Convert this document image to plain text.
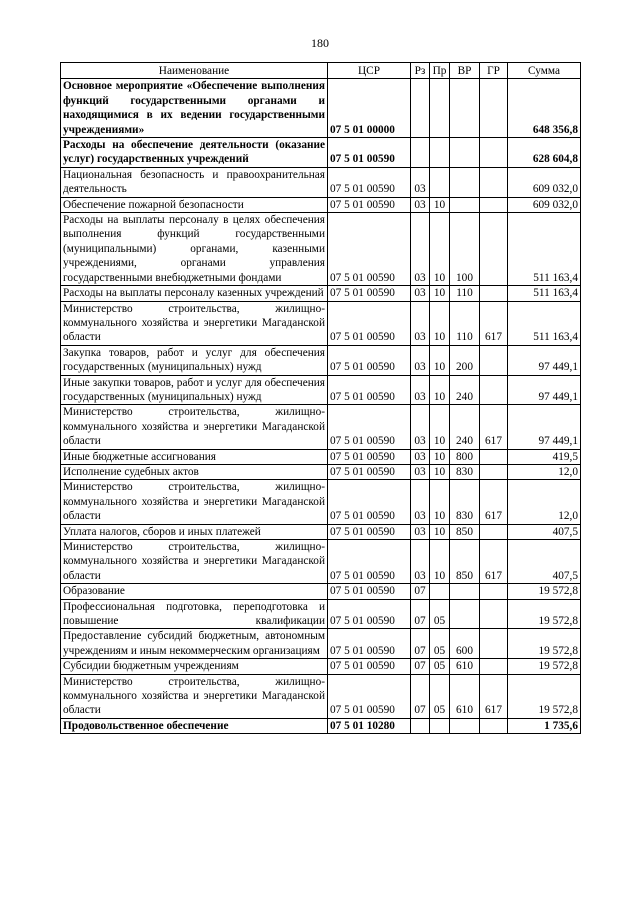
180
Наименование	ЦСР	Рз	Пр	ВР	ГР	Сумма
Основное мероприятие «Обеспечение выполнения функций государственными органами и находящимися в их ведении государственными учреждениями»	07 5 01 00000					648 356,8
Расходы на обеспечение деятельности (оказание услуг) государственных учреждений	07 5 01 00590					628 604,8
Национальная безопасность и правоохранительная деятельность	07 5 01 00590	03				609 032,0
Обеспечение пожарной безопасности	07 5 01 00590	03	10			609 032,0
Расходы на выплаты персоналу в целях обеспечения выполнения функций государственными (муниципальными) органами, казенными учреждениями, органами управления государственными внебюджетными фондами	07 5 01 00590	03	10	100		511 163,4
Расходы на выплаты персоналу казенных учреждений	07 5 01 00590	03	10	110		511 163,4
Министерство строительства, жилищно-коммунального хозяйства и энергетики Магаданской области	07 5 01 00590	03	10	110	617	511 163,4
Закупка товаров, работ и услуг для обеспечения государственных (муниципальных) нужд	07 5 01 00590	03	10	200		97 449,1
Иные закупки товаров, работ и услуг для обеспечения государственных (муниципальных) нужд	07 5 01 00590	03	10	240		97 449,1
Министерство строительства, жилищно-коммунального хозяйства и энергетики Магаданской области	07 5 01 00590	03	10	240	617	97 449,1
Иные бюджетные ассигнования	07 5 01 00590	03	10	800		419,5
Исполнение судебных актов	07 5 01 00590	03	10	830		12,0
Министерство строительства, жилищно-коммунального хозяйства и энергетики Магаданской области	07 5 01 00590	03	10	830	617	12,0
Уплата налогов, сборов и иных платежей	07 5 01 00590	03	10	850		407,5
Министерство строительства, жилищно-коммунального хозяйства и энергетики Магаданской области	07 5 01 00590	03	10	850	617	407,5
Образование	07 5 01 00590	07				19 572,8
Профессиональная подготовка, переподготовка и повышение квалификации	07 5 01 00590	07	05			19 572,8
Предоставление субсидий бюджетным, автономным учреждениям и иным некоммерческим организациям	07 5 01 00590	07	05	600		19 572,8
Субсидии бюджетным учреждениям	07 5 01 00590	07	05	610		19 572,8
Министерство строительства, жилищно-коммунального хозяйства и энергетики Магаданской области	07 5 01 00590	07	05	610	617	19 572,8
Продовольственное обеспечение	07 5 01 10280					1 735,6
